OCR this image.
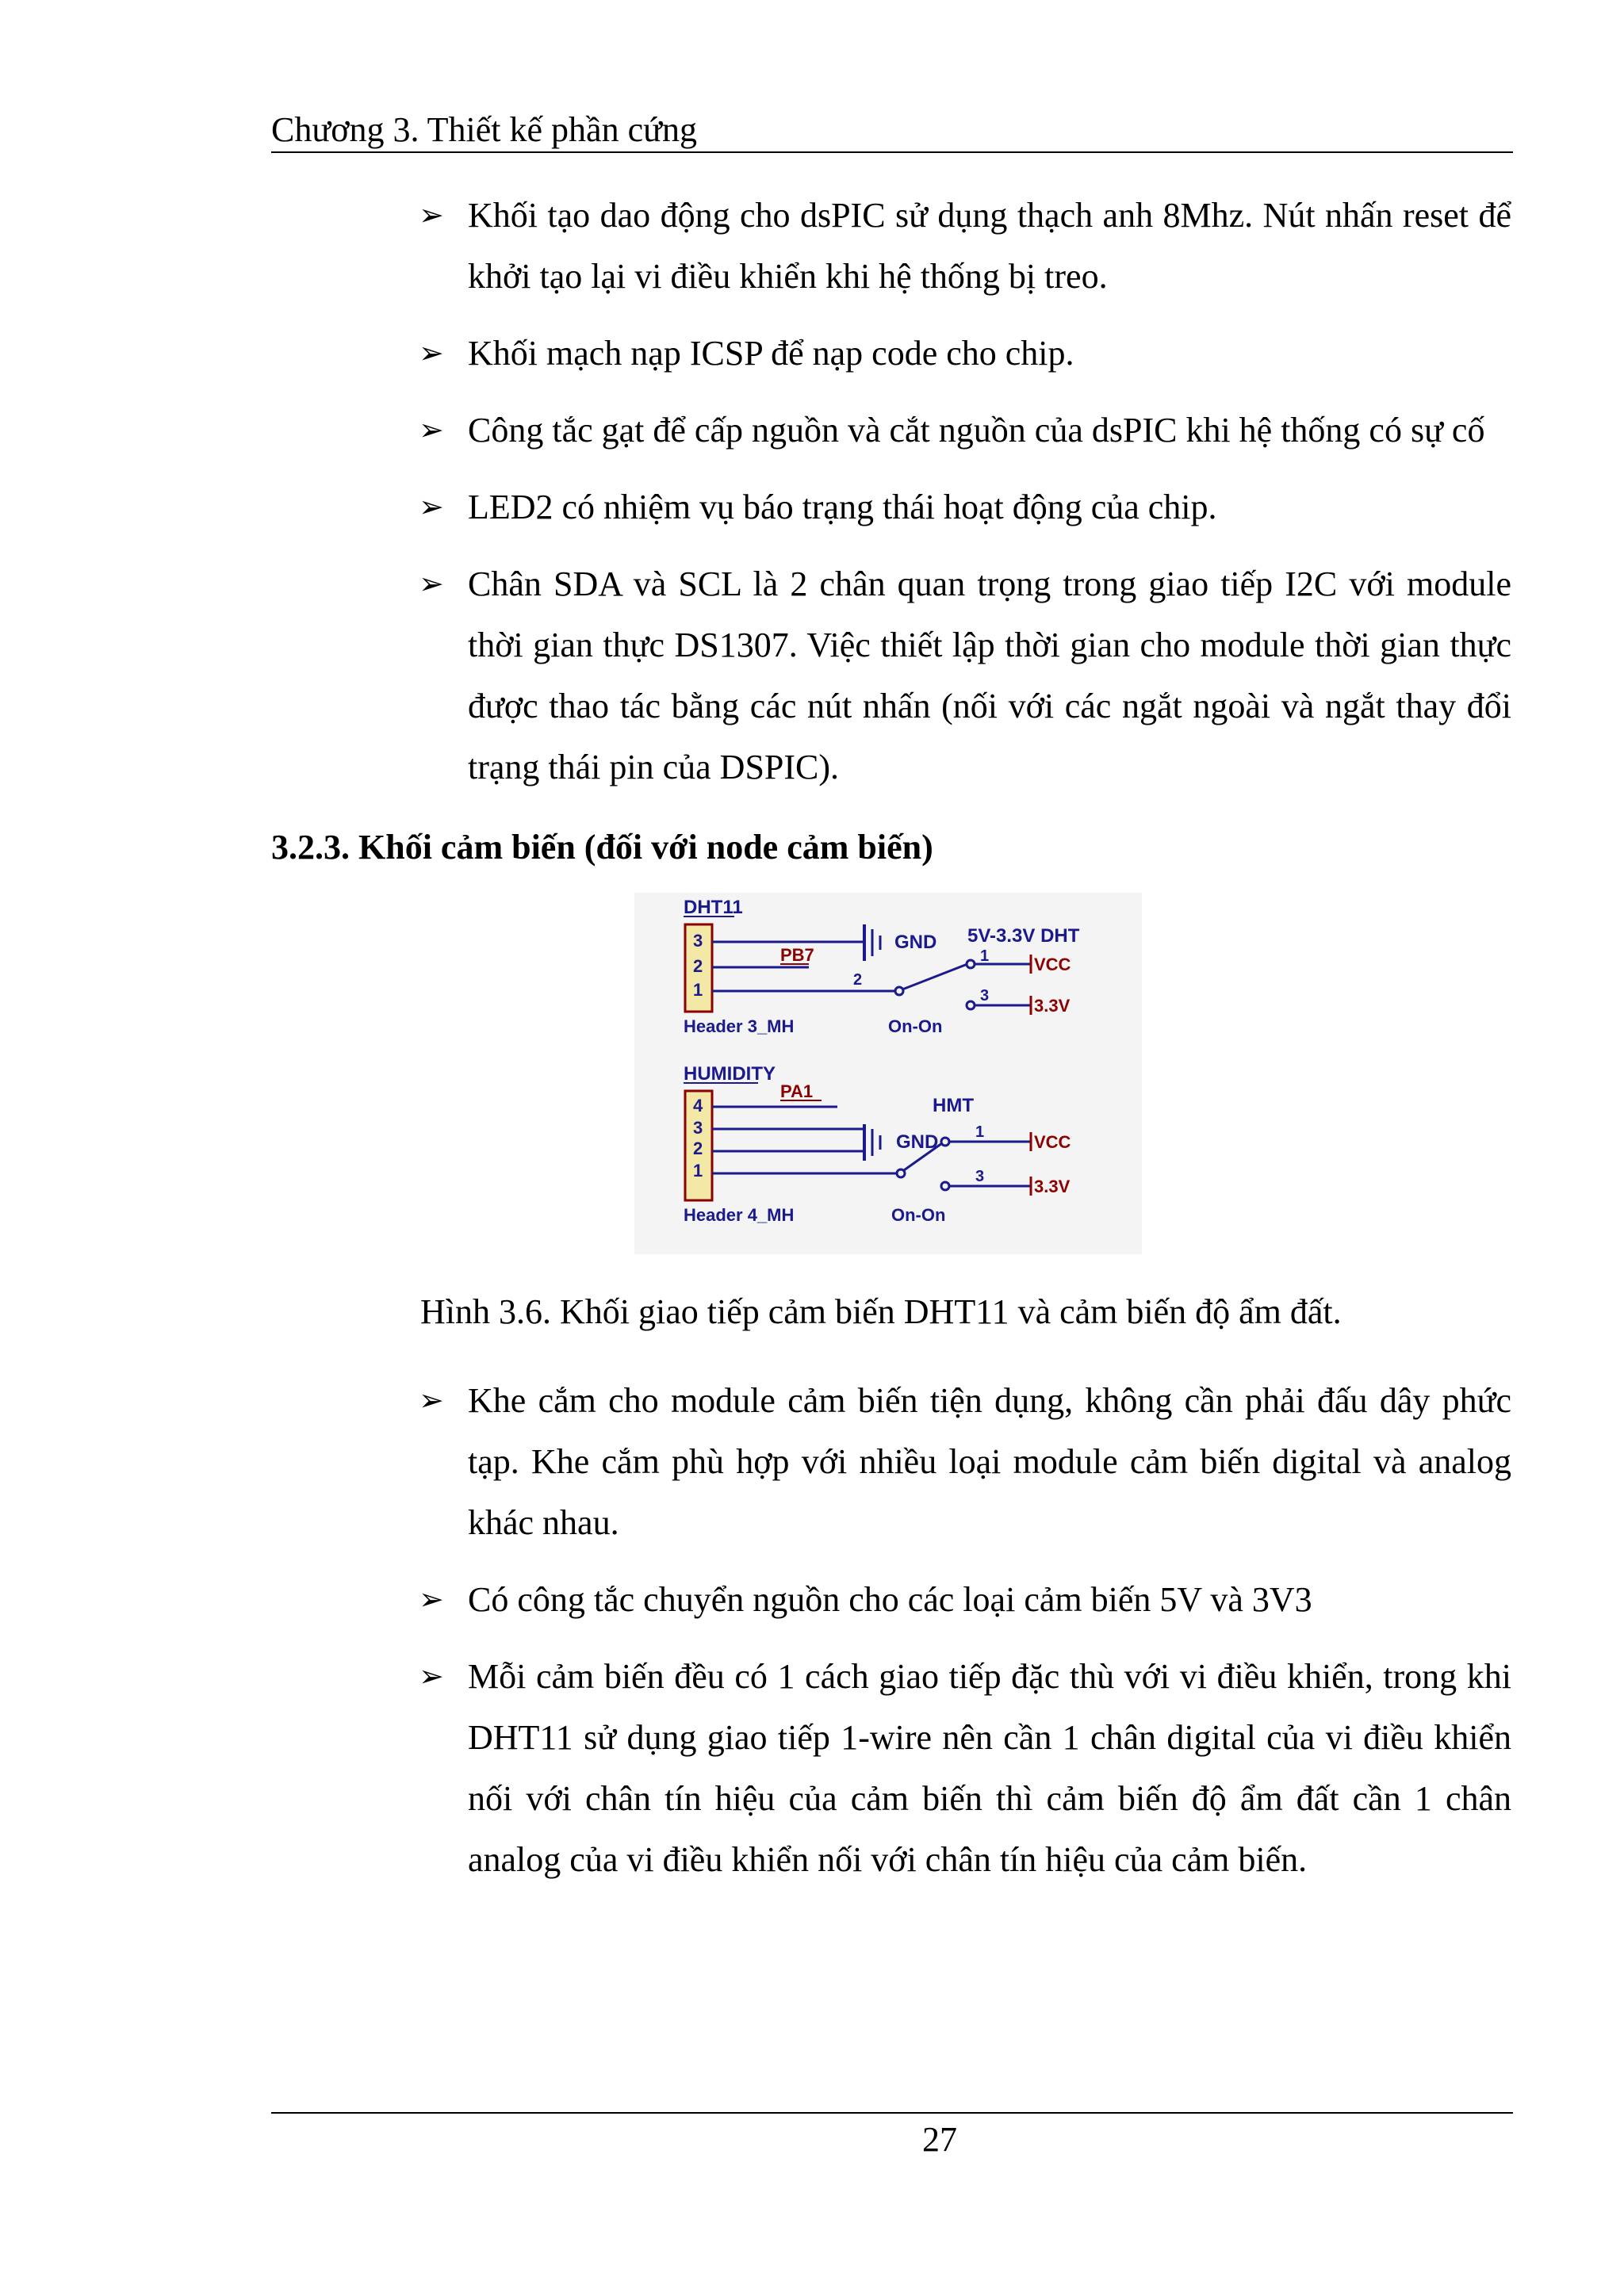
Chương 3. Thiết kế phần cứng
➢ Khối tạo dao động cho dsPIC sử dụng thạch anh 8Mhz. Nút nhấn reset để khởi tạo lại vi điều khiển khi hệ thống bị treo.
➢ Khối mạch nạp ICSP để nạp code cho chip.
➢ Công tắc gạt để cấp nguồn và cắt nguồn của dsPIC khi hệ thống có sự cố
➢ LED2 có nhiệm vụ báo trạng thái hoạt động của chip.
➢ Chân SDA và SCL là 2 chân quan trọng trong giao tiếp I2C với module thời gian thực DS1307. Việc thiết lập thời gian cho module thời gian thực được thao tác bằng các nút nhấn (nối với các ngắt ngoài và ngắt thay đổi trạng thái pin của DSPIC).
3.2.3. Khối cảm biến (đối với node cảm biến)
DHT11
3
2
1
Header 3_MH
PB7
GND 5V-3.3V DHT
2
1	VCC
3	3.3V
On-On
HUMIDITY
4
3
2
1
Header 4_MH
PA1
GND
HMT
1	VCC
3	3.3V
On-On
Hình 3.6. Khối giao tiếp cảm biến DHT11 và cảm biến độ ẩm đất.
➢ Khe cắm cho module cảm biến tiện dụng, không cần phải đấu dây phức tạp. Khe cắm phù hợp với nhiều loại module cảm biến digital và analog khác nhau.
➢ Có công tắc chuyển nguồn cho các loại cảm biến 5V và 3V3
➢ Mỗi cảm biến đều có 1 cách giao tiếp đặc thù với vi điều khiển, trong khi DHT11 sử dụng giao tiếp 1-wire nên cần 1 chân digital của vi điều khiển nối với chân tín hiệu của cảm biến thì cảm biến độ ẩm đất cần 1 chân analog của vi điều khiển nối với chân tín hiệu của cảm biến.
27
